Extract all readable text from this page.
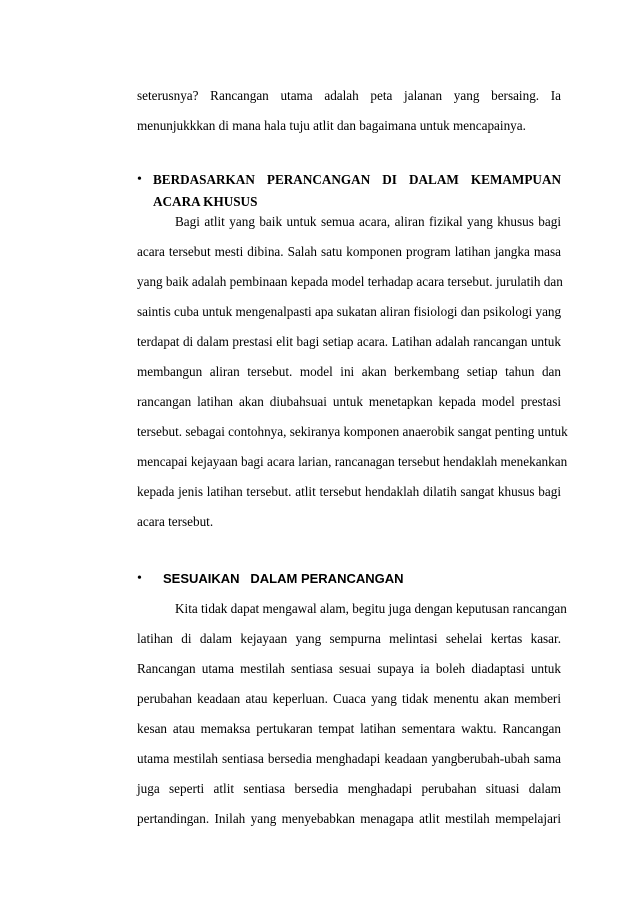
seterusnya? Rancangan utama adalah peta jalanan yang bersaing. Ia
menunjukkkan di mana hala tuju atlit dan bagaimana untuk mencapainya.
• BERDASARKAN PERANCANGAN DI DALAM KEMAMPUAN
ACARA KHUSUS
Bagi atlit yang baik untuk semua acara, aliran fizikal yang khusus bagi
acara tersebut mesti dibina. Salah satu komponen program latihan jangka masa
yang baik adalah pembinaan kepada model terhadap acara tersebut. jurulatih dan
saintis cuba untuk mengenalpasti apa sukatan aliran fisiologi dan psikologi yang
terdapat di dalam prestasi elit bagi setiap acara. Latihan adalah rancangan untuk
membangun aliran tersebut. model ini akan berkembang setiap tahun dan
rancangan latihan akan diubahsuai untuk menetapkan kepada model prestasi
tersebut. sebagai contohnya, sekiranya komponen anaerobik sangat penting untuk
mencapai kejayaan bagi acara larian, rancanagan tersebut hendaklah menekankan
kepada jenis latihan tersebut. atlit tersebut hendaklah dilatih sangat khusus bagi
acara tersebut.
• SESUAIKAN   DALAM PERANCANGAN
Kita tidak dapat mengawal alam, begitu juga dengan keputusan rancangan
latihan di dalam kejayaan yang sempurna melintasi sehelai kertas kasar.
Rancangan utama mestilah sentiasa sesuai supaya ia boleh diadaptasi untuk
perubahan keadaan atau keperluan. Cuaca yang tidak menentu akan memberi
kesan atau memaksa pertukaran tempat latihan sementara waktu. Rancangan
utama mestilah sentiasa bersedia menghadapi keadaan yangberubah-ubah sama
juga seperti atlit sentiasa bersedia menghadapi perubahan situasi dalam
pertandingan. Inilah yang menyebabkan menagapa atlit mestilah mempelajari
